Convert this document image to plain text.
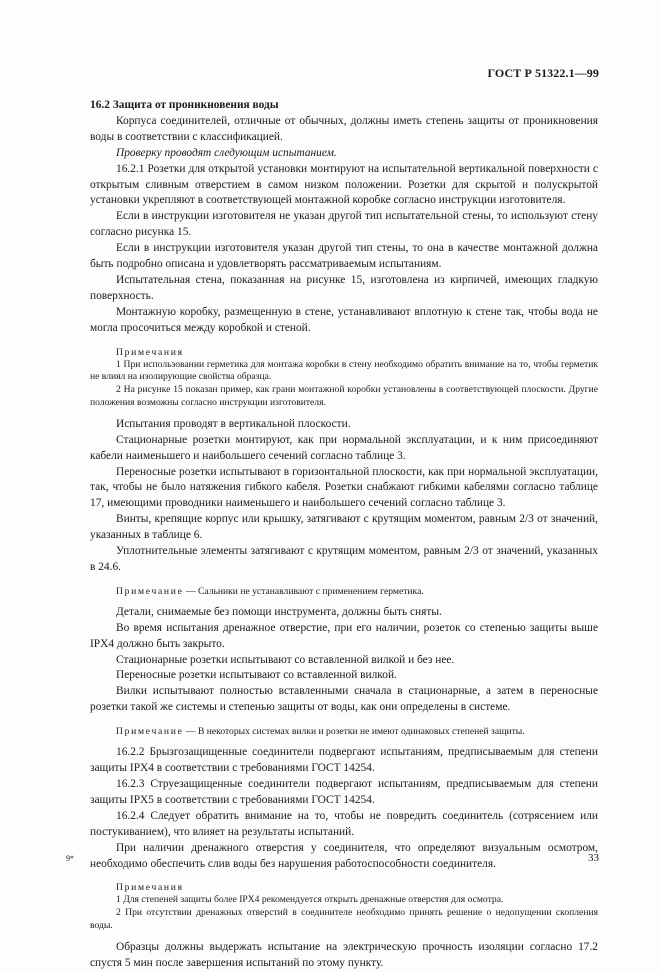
ГОСТ Р 51322.1—99

16.2 Защита от проникновения воды

Корпуса соединителей, отличные от обычных, должны иметь степень защиты от проникновения воды в соответствии с классификацией.

Проверку проводят следующим испытанием.

16.2.1 Розетки для открытой установки монтируют на испытательной вертикальной поверхности с открытым сливным отверстием в самом низком положении. Розетки для скрытой и полускрытой установки укрепляют в соответствующей монтажной коробке согласно инструкции изготовителя.

Если в инструкции изготовителя не указан другой тип испытательной стены, то используют стену согласно рисунка 15.

Если в инструкции изготовителя указан другой тип стены, то она в качестве монтажной должна быть подробно описана и удовлетворять рассматриваемым испытаниям.

Испытательная стена, показанная на рисунке 15, изготовлена из кирпичей, имеющих гладкую поверхность.

Монтажную коробку, размещенную в стене, устанавливают вплотную к стене так, чтобы вода не могла просочиться между коробкой и стеной.

Примечания

1 При использовании герметика для монтажа коробки в стену необходимо обратить внимание на то, чтобы герметик не влиял на изолирующие свойства образца.

2 На рисунке 15 показан пример, как грани монтажной коробки установлены в соответствующей плоскости. Другие положения возможны согласно инструкции изготовителя.

Испытания проводят в вертикальной плоскости.

Стационарные розетки монтируют, как при нормальной эксплуатации, и к ним присоединяют кабели наименьшего и наибольшего сечений согласно таблице 3.

Переносные розетки испытывают в горизонтальной плоскости, как при нормальной эксплуатации, так, чтобы не было натяжения гибкого кабеля. Розетки снабжают гибкими кабелями согласно таблице 17, имеющими проводники наименьшего и наибольшего сечений согласно таблице 3.

Винты, крепящие корпус или крышку, затягивают с крутящим моментом, равным 2/3 от значений, указанных в таблице 6.

Уплотнительные элементы затягивают с крутящим моментом, равным 2/3 от значений, указанных в 24.6.

Примечание — Сальники не устанавливают с применением герметика.

Детали, снимаемые без помощи инструмента, должны быть сняты.

Во время испытания дренажное отверстие, при его наличии, розеток со степенью защиты выше IPX4 должно быть закрыто.

Стационарные розетки испытывают со вставленной вилкой и без нее.

Переносные розетки испытывают со вставленной вилкой.

Вилки испытывают полностью вставленными сначала в стационарные, а затем в переносные розетки такой же системы и степенью защиты от воды, как они определены в системе.

Примечание — В некоторых системах вилки и розетки не имеют одинаковых степеней защиты.

16.2.2 Брызгозащищенные соединители подвергают испытаниям, предписываемым для степени защиты IPX4 в соответствии с требованиями ГОСТ 14254.

16.2.3 Струезащищенные соединители подвергают испытаниям, предписываемым для степени защиты IPX5 в соответствии с требованиями ГОСТ 14254.

16.2.4 Следует обратить внимание на то, чтобы не повредить соединитель (сотрясением или постукиванием), что влияет на результаты испытаний.

При наличии дренажного отверстия у соединителя, что определяют визуальным осмотром, необходимо обеспечить слив воды без нарушения работоспособности соединителя.

Примечания

1 Для степеней защиты более IPX4 рекомендуется открыть дренажные отверстия для осмотра.

2 При отсутствии дренажных отверстий в соединителе необходимо принять решение о недопущении скопления воды.

Образцы должны выдержать испытание на электрическую прочность изоляции согласно 17.2 спустя 5 мин после завершения испытаний по этому пункту.

9*	33
